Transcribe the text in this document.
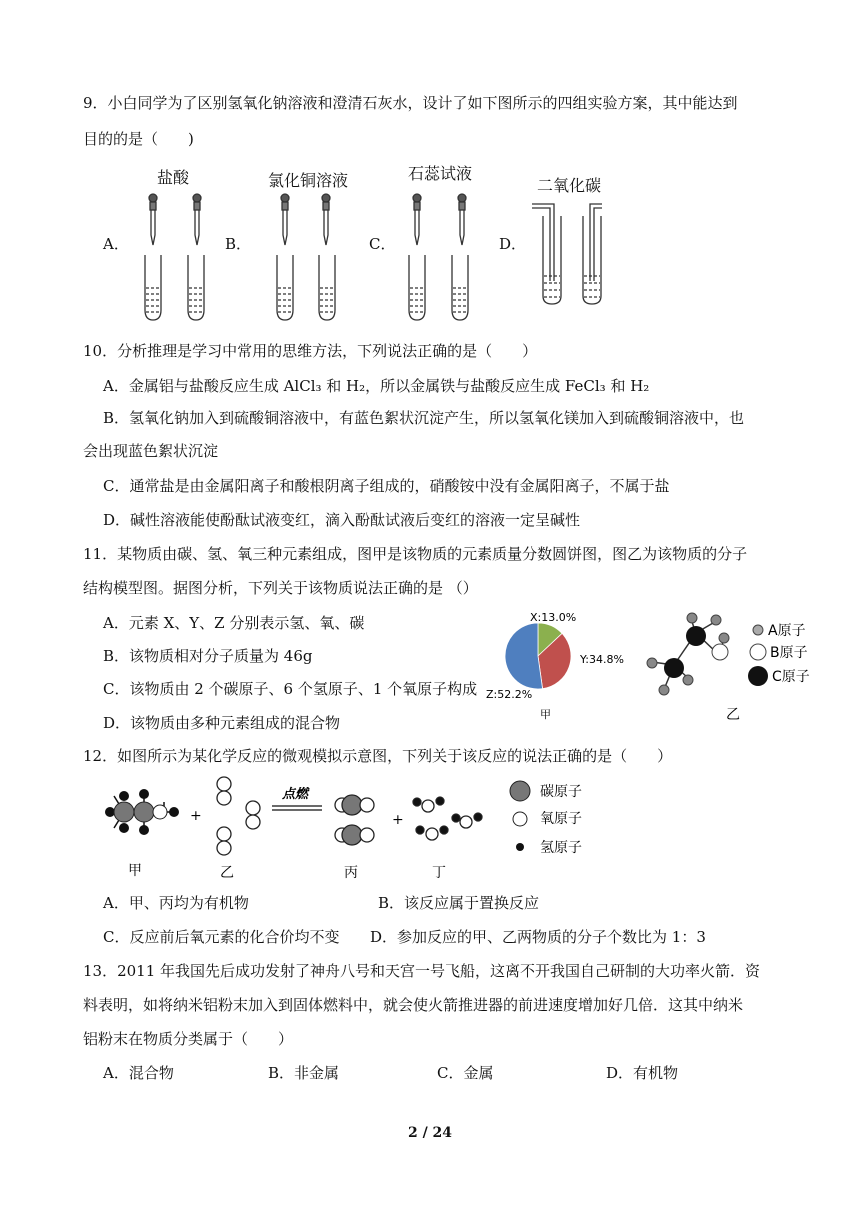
9．小白同学为了区别氢氧化钠溶液和澄清石灰水，设计了如下图所示的四组实验方案，其中能达到
目的的是（　　)
A．	B．	C．	D．
盐酸	氯化铜溶液	石蕊试液
二氧化碳
10．分析推理是学习中常用的思维方法，下列说法正确的是（　　）
A．金属铝与盐酸反应生成 AlCl₃ 和 H₂，所以金属铁与盐酸反应生成 FeCl₃ 和 H₂
B．氢氧化钠加入到硫酸铜溶液中，有蓝色絮状沉淀产生，所以氢氧化镁加入到硫酸铜溶液中，也
会出现蓝色絮状沉淀
C．通常盐是由金属阳离子和酸根阴离子组成的，硝酸铵中没有金属阳离子，不属于盐
D．碱性溶液能使酚酞试液变红，滴入酚酞试液后变红的溶液一定呈碱性
11．某物质由碳、氢、氧三种元素组成，图甲是该物质的元素质量分数圆饼图，图乙为该物质的分子
结构模型图。据图分析，下列关于该物质说法正确的是 （）
A．元素 X、Y、Z 分别表示氢、氧、碳
B．该物质相对分子质量为 46g
C．该物质由 2 个碳原子、6 个氢原子、1 个氧原子构成
D．该物质由多种元素组成的混合物
X:13.0%
Y:34.8%
Z:52.2%
甲
A原子
B原子
C原子
乙
12．如图所示为某化学反应的微观模拟示意图，下列关于该反应的说法正确的是（　　）
+
点燃
+
碳原子
氧原子
氢原子
甲	乙	丙	丁
A．甲、丙均为有机物	B．该反应属于置换反应
C．反应前后氧元素的化合价均不变 D．参加反应的甲、乙两物质的分子个数比为 1：3
13．2011 年我国先后成功发射了神舟八号和天宫一号飞船，这离不开我国自己研制的大功率火箭．资
料表明，如将纳米铝粉末加入到固体燃料中，就会使火箭推进器的前进速度增加好几倍．这其中纳米
铝粉末在物质分类属于（　　）
A．混合物	B．非金属	C．金属	D．有机物
2 / 24
